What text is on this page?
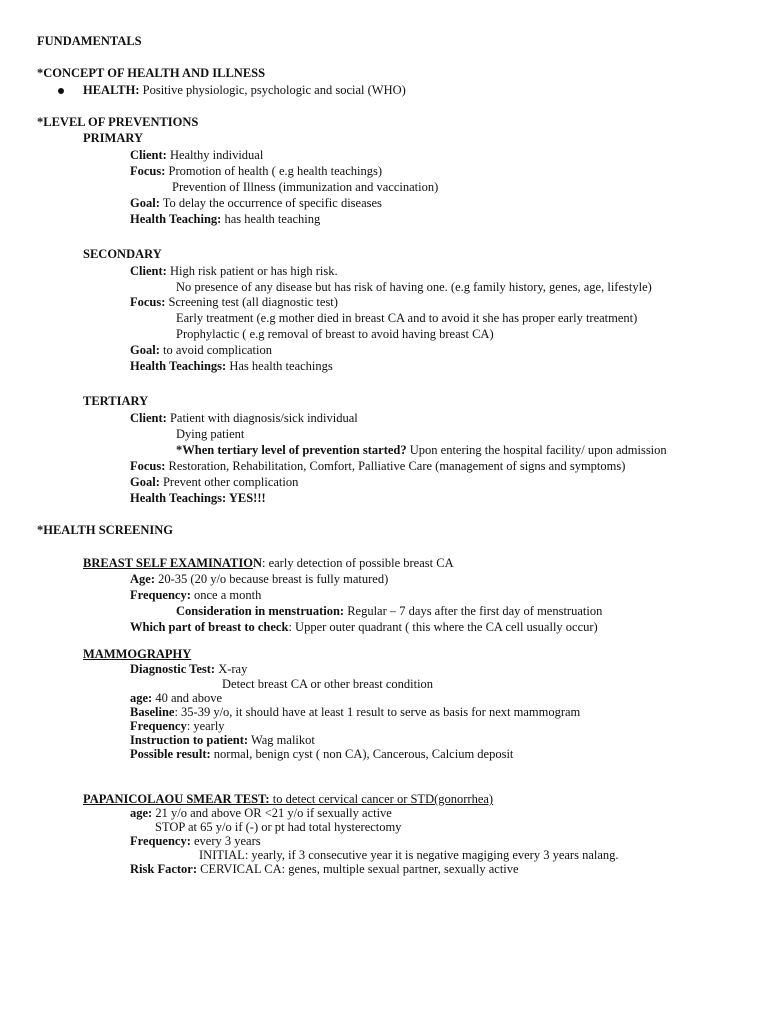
FUNDAMENTALS
*CONCEPT OF HEALTH AND ILLNESS
HEALTH: Positive physiologic, psychologic and social (WHO)
*LEVEL OF PREVENTIONS
PRIMARY
Client: Healthy individual
Focus: Promotion of health ( e.g health teachings)
Prevention of Illness (immunization and vaccination)
Goal: To delay the occurrence of specific diseases
Health Teaching: has health teaching
SECONDARY
Client: High risk patient or has high risk.
No presence of any disease but has risk of having one. (e.g family history, genes, age, lifestyle)
Focus: Screening test (all diagnostic test)
Early treatment (e.g mother died in breast CA and to avoid it she has proper early treatment)
Prophylactic ( e.g removal of breast to avoid having breast CA)
Goal: to avoid complication
Health Teachings: Has health teachings
TERTIARY
Client: Patient with diagnosis/sick individual
Dying patient
*When tertiary level of prevention started? Upon entering the hospital facility/ upon admission
Focus: Restoration, Rehabilitation, Comfort, Palliative Care (management of signs and symptoms)
Goal: Prevent other complication
Health Teachings: YES!!!
*HEALTH SCREENING
BREAST SELF EXAMINATION: early detection of possible breast CA
Age: 20-35 (20 y/o because breast is fully matured)
Frequency: once a month
Consideration in menstruation: Regular – 7 days after the first day of menstruation
Which part of breast to check: Upper outer quadrant ( this where the CA cell usually occur)
MAMMOGRAPHY
Diagnostic Test: X-ray
Detect breast CA or other breast condition
age: 40 and above
Baseline: 35-39 y/o, it should have at least 1 result to serve as basis for next mammogram
Frequency: yearly
Instruction to patient: Wag malikot
Possible result: normal, benign cyst ( non CA), Cancerous, Calcium deposit
PAPANICOLAOU SMEAR TEST: to detect cervical cancer or STD(gonorrhea)
age: 21 y/o and above OR <21 y/o if sexually active
STOP at 65 y/o if (-) or pt had total hysterectomy
Frequency: every 3 years
INITIAL: yearly, if 3 consecutive year it is negative magiging every 3 years nalang.
Risk Factor: CERVICAL CA: genes, multiple sexual partner, sexually active
